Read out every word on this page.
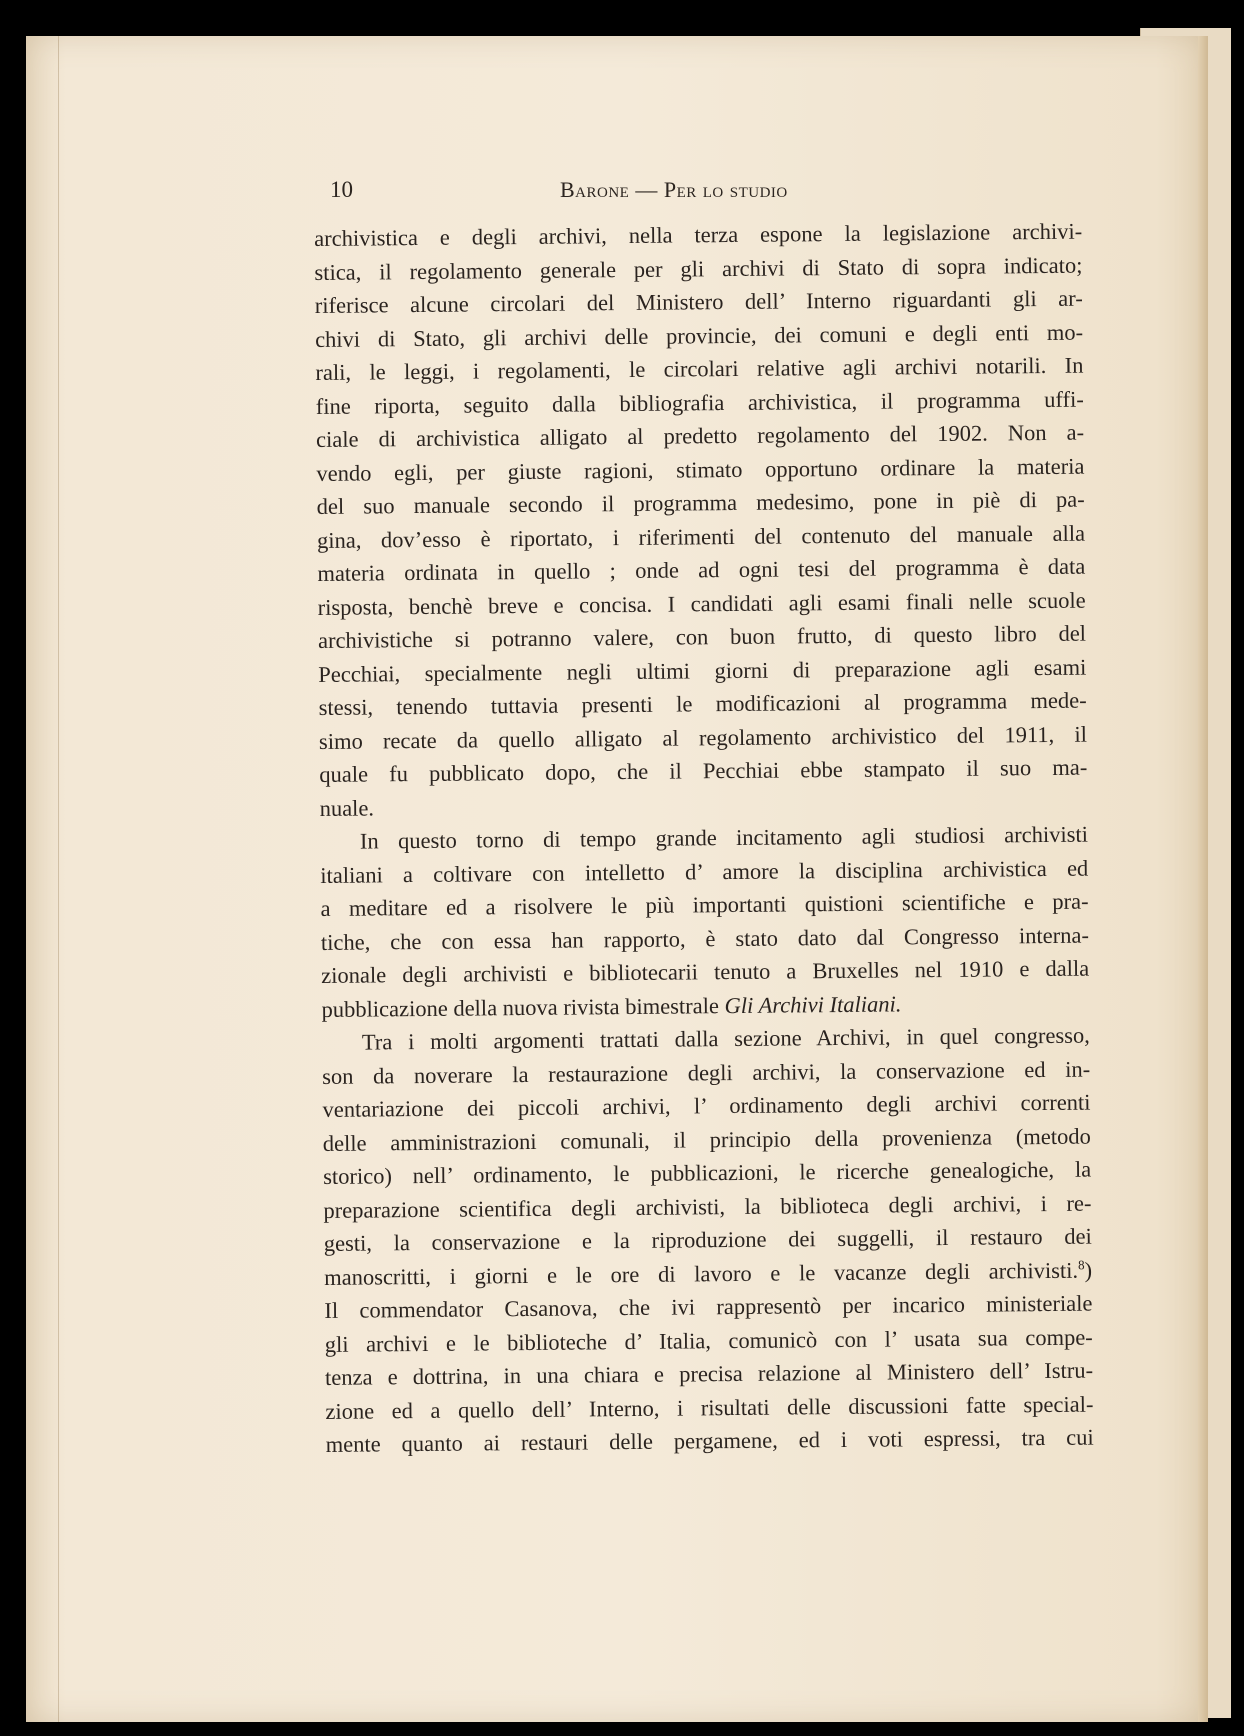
10	Barone — Per lo studio
archivistica e degli archivi, nella terza espone la legislazione archivi-
stica, il regolamento generale per gli archivi di Stato di sopra indicato;
riferisce alcune circolari del Ministero dell’ Interno riguardanti gli ar-
chivi di Stato, gli archivi delle provincie, dei comuni e degli enti mo-
rali, le leggi, i regolamenti, le circolari relative agli archivi notarili. In
fine riporta, seguito dalla bibliografia archivistica, il programma uffi-
ciale di archivistica alligato al predetto regolamento del 1902. Non a-
vendo egli, per giuste ragioni, stimato opportuno ordinare la materia
del suo manuale secondo il programma medesimo, pone in piè di pa-
gina, dov’esso è riportato, i riferimenti del contenuto del manuale alla
materia ordinata in quello ; onde ad ogni tesi del programma è data
risposta, benchè breve e concisa. I candidati agli esami finali nelle scuole
archivistiche si potranno valere, con buon frutto, di questo libro del
Pecchiai, specialmente negli ultimi giorni di preparazione agli esami
stessi, tenendo tuttavia presenti le modificazioni al programma mede-
simo recate da quello alligato al regolamento archivistico del 1911, il
quale fu pubblicato dopo, che il Pecchiai ebbe stampato il suo ma-
nuale.
In questo torno di tempo grande incitamento agli studiosi archivisti
italiani a coltivare con intelletto d’ amore la disciplina archivistica ed
a meditare ed a risolvere le più importanti quistioni scientifiche e pra-
tiche, che con essa han rapporto, è stato dato dal Congresso interna-
zionale degli archivisti e bibliotecarii tenuto a Bruxelles nel 1910 e dalla
pubblicazione della nuova rivista bimestrale Gli Archivi Italiani.
Tra i molti argomenti trattati dalla sezione Archivi, in quel congresso,
son da noverare la restaurazione degli archivi, la conservazione ed in-
ventariazione dei piccoli archivi, l’ ordinamento degli archivi correnti
delle amministrazioni comunali, il principio della provenienza (metodo
storico) nell’ ordinamento, le pubblicazioni, le ricerche genealogiche, la
preparazione scientifica degli archivisti, la biblioteca degli archivi, i re-
gesti, la conservazione e la riproduzione dei suggelli, il restauro dei
manoscritti, i giorni e le ore di lavoro e le vacanze degli archivisti.$^8$)
Il commendator Casanova, che ivi rappresentò per incarico ministeriale
gli archivi e le biblioteche d’ Italia, comunicò con l’ usata sua compe-
tenza e dottrina, in una chiara e precisa relazione al Ministero dell’ Istru-
zione ed a quello dell’ Interno, i risultati delle discussioni fatte special-
mente quanto ai restauri delle pergamene, ed i voti espressi, tra cui
